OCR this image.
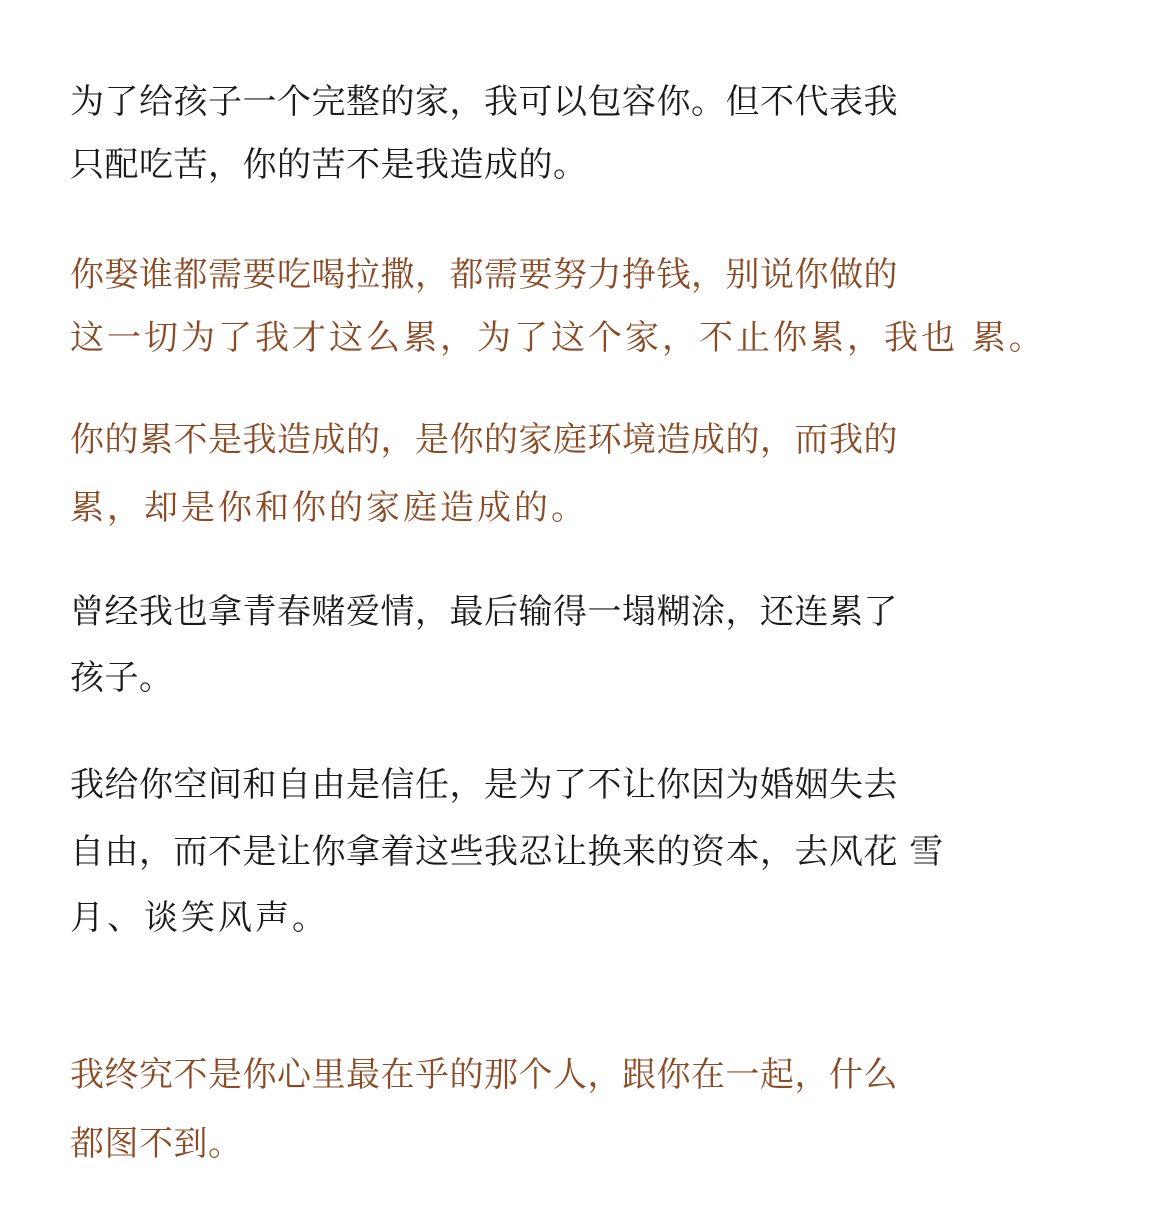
为了给孩子一个完整的家，我可以包容你。但不代表我
只配吃苦，你的苦不是我造成的。
你娶谁都需要吃喝拉撒，都需要努力挣钱，别说你做的
这一切为了我才这么累，为了这个家，不止你累，我也 累。
你的累不是我造成的，是你的家庭环境造成的，而我的
累，却是你和你的家庭造成的。
曾经我也拿青春赌爱情，最后输得一塌糊涂，还连累了
孩子。
我给你空间和自由是信任，是为了不让你因为婚姻失去
自由，而不是让你拿着这些我忍让换来的资本，去风花 雪
月、谈笑风声。
我终究不是你心里最在乎的那个人，跟你在一起，什么
都图不到。
